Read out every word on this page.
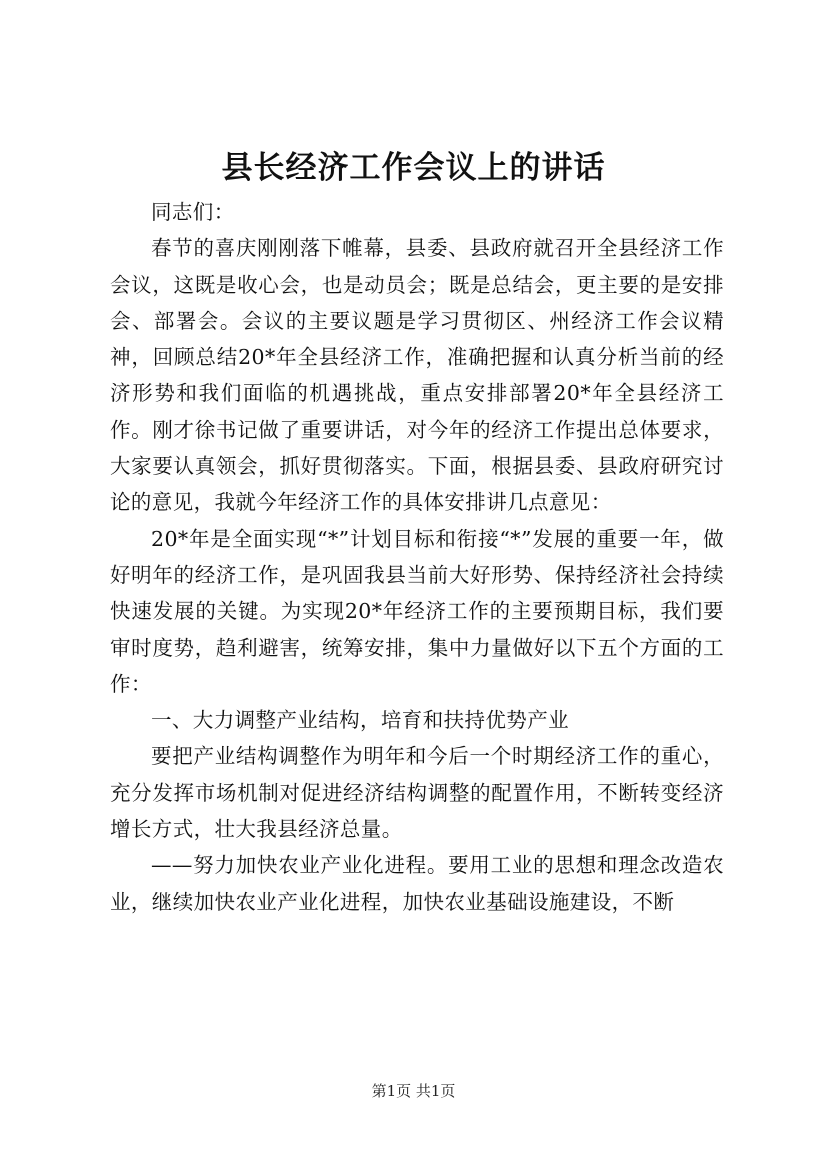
县长经济工作会议上的讲话

同志们：

春节的喜庆刚刚落下帷幕，县委、县政府就召开全县经济工作会议，这既是收心会，也是动员会；既是总结会，更主要的是安排会、部署会。会议的主要议题是学习贯彻区、州经济工作会议精神，回顾总结20*年全县经济工作，准确把握和认真分析当前的经济形势和我们面临的机遇挑战，重点安排部署20*年全县经济工作。刚才徐书记做了重要讲话，对今年的经济工作提出总体要求，大家要认真领会，抓好贯彻落实。下面，根据县委、县政府研究讨论的意见，我就今年经济工作的具体安排讲几点意见：

20*年是全面实现“*”计划目标和衔接“*”发展的重要一年，做好明年的经济工作，是巩固我县当前大好形势、保持经济社会持续快速发展的关键。为实现20*年经济工作的主要预期目标，我们要审时度势，趋利避害，统筹安排，集中力量做好以下五个方面的工作：

一、大力调整产业结构，培育和扶持优势产业

要把产业结构调整作为明年和今后一个时期经济工作的重心，充分发挥市场机制对促进经济结构调整的配置作用，不断转变经济增长方式，壮大我县经济总量。

——努力加快农业产业化进程。要用工业的思想和理念改造农业，继续加快农业产业化进程，加快农业基础设施建设，不断

第1页 共1页
